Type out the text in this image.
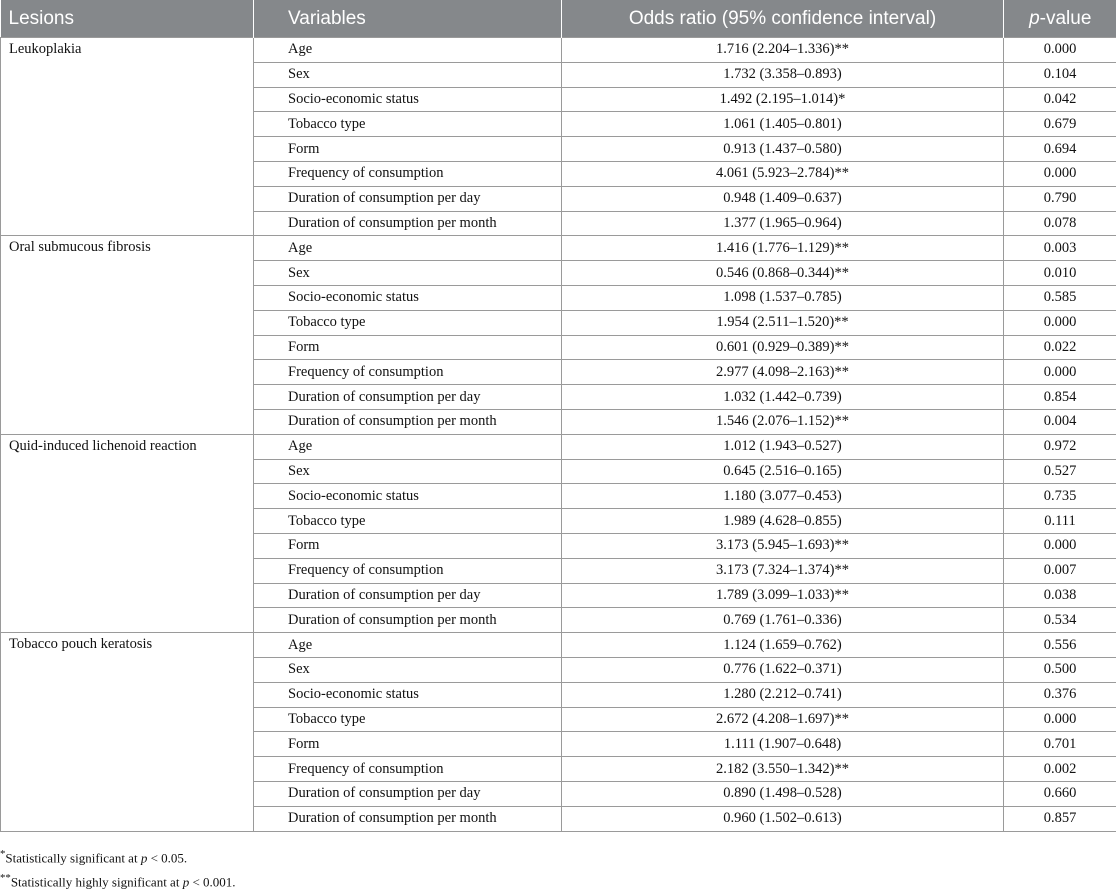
Lesions	Variables	Odds ratio (95% confidence interval)	p-value
Leukoplakia	Age	1.716 (2.204–1.336)**	0.000
	Sex	1.732 (3.358–0.893)	0.104
	Socio-economic status	1.492 (2.195–1.014)*	0.042
	Tobacco type	1.061 (1.405–0.801)	0.679
	Form	0.913 (1.437–0.580)	0.694
	Frequency of consumption	4.061 (5.923–2.784)**	0.000
	Duration of consumption per day	0.948 (1.409–0.637)	0.790
	Duration of consumption per month	1.377 (1.965–0.964)	0.078
Oral submucous fibrosis	Age	1.416 (1.776–1.129)**	0.003
	Sex	0.546 (0.868–0.344)**	0.010
	Socio-economic status	1.098 (1.537–0.785)	0.585
	Tobacco type	1.954 (2.511–1.520)**	0.000
	Form	0.601 (0.929–0.389)**	0.022
	Frequency of consumption	2.977 (4.098–2.163)**	0.000
	Duration of consumption per day	1.032 (1.442–0.739)	0.854
	Duration of consumption per month	1.546 (2.076–1.152)**	0.004
Quid-induced lichenoid reaction	Age	1.012 (1.943–0.527)	0.972
	Sex	0.645 (2.516–0.165)	0.527
	Socio-economic status	1.180 (3.077–0.453)	0.735
	Tobacco type	1.989 (4.628–0.855)	0.111
	Form	3.173 (5.945–1.693)**	0.000
	Frequency of consumption	3.173 (7.324–1.374)**	0.007
	Duration of consumption per day	1.789 (3.099–1.033)**	0.038
	Duration of consumption per month	0.769 (1.761–0.336)	0.534
Tobacco pouch keratosis	Age	1.124 (1.659–0.762)	0.556
	Sex	0.776 (1.622–0.371)	0.500
	Socio-economic status	1.280 (2.212–0.741)	0.376
	Tobacco type	2.672 (4.208–1.697)**	0.000
	Form	1.111 (1.907–0.648)	0.701
	Frequency of consumption	2.182 (3.550–1.342)**	0.002
	Duration of consumption per day	0.890 (1.498–0.528)	0.660
	Duration of consumption per month	0.960 (1.502–0.613)	0.857
*Statistically significant at p < 0.05.
**Statistically highly significant at p < 0.001.
